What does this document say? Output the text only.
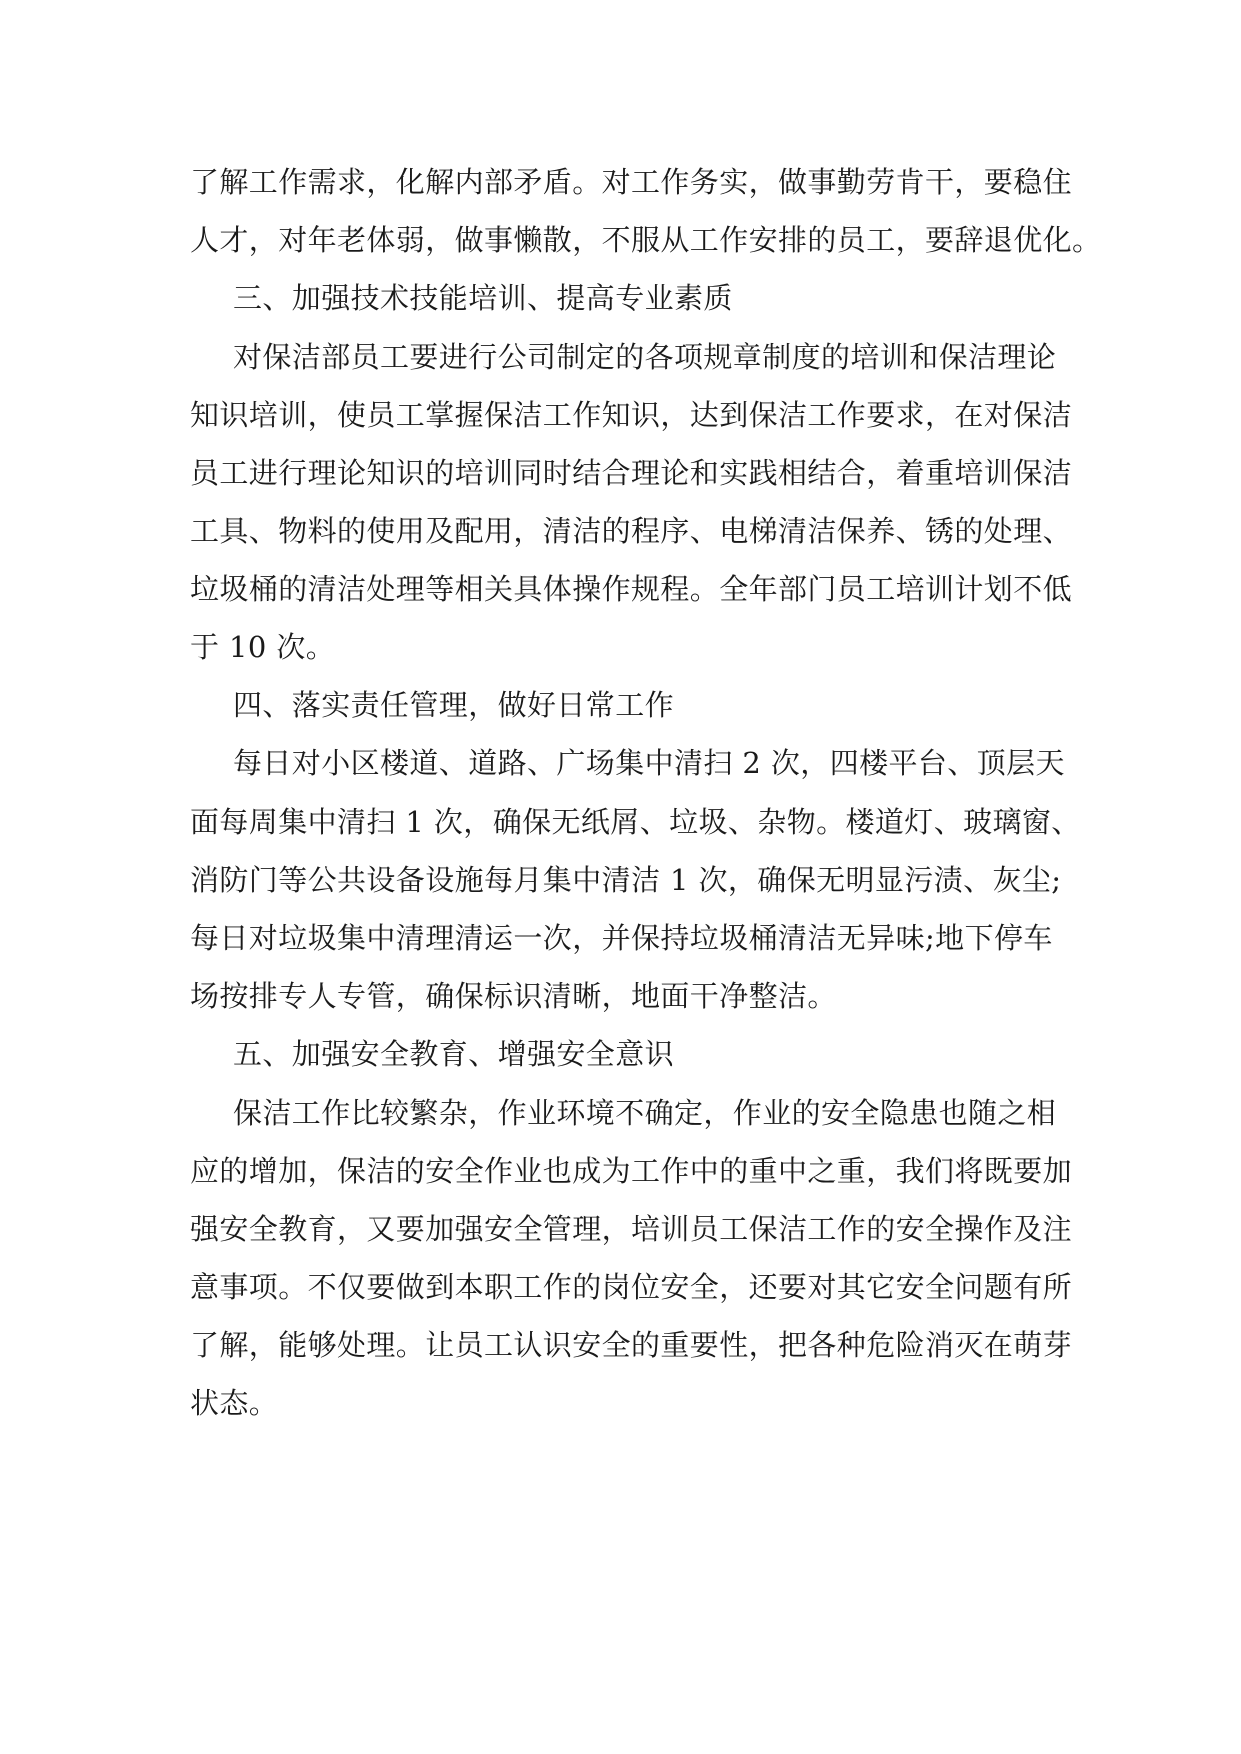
了解工作需求，化解内部矛盾。对工作务实，做事勤劳肯干，要稳住
人才，对年老体弱，做事懒散，不服从工作安排的员工，要辞退优化。
三、加强技术技能培训、提高专业素质
对保洁部员工要进行公司制定的各项规章制度的培训和保洁理论
知识培训，使员工掌握保洁工作知识，达到保洁工作要求，在对保洁
员工进行理论知识的培训同时结合理论和实践相结合，着重培训保洁
工具、物料的使用及配用，清洁的程序、电梯清洁保养、锈的处理、
垃圾桶的清洁处理等相关具体操作规程。全年部门员工培训计划不低
于 10 次。
四、落实责任管理，做好日常工作
每日对小区楼道、道路、广场集中清扫 2 次，四楼平台、顶层天
面每周集中清扫 1 次，确保无纸屑、垃圾、杂物。楼道灯、玻璃窗、
消防门等公共设备设施每月集中清洁 1 次，确保无明显污渍、灰尘;
每日对垃圾集中清理清运一次，并保持垃圾桶清洁无异味;地下停车
场按排专人专管，确保标识清晰，地面干净整洁。
五、加强安全教育、增强安全意识
保洁工作比较繁杂，作业环境不确定，作业的安全隐患也随之相
应的增加，保洁的安全作业也成为工作中的重中之重，我们将既要加
强安全教育，又要加强安全管理，培训员工保洁工作的安全操作及注
意事项。不仅要做到本职工作的岗位安全，还要对其它安全问题有所
了解，能够处理。让员工认识安全的重要性，把各种危险消灭在萌芽
状态。
